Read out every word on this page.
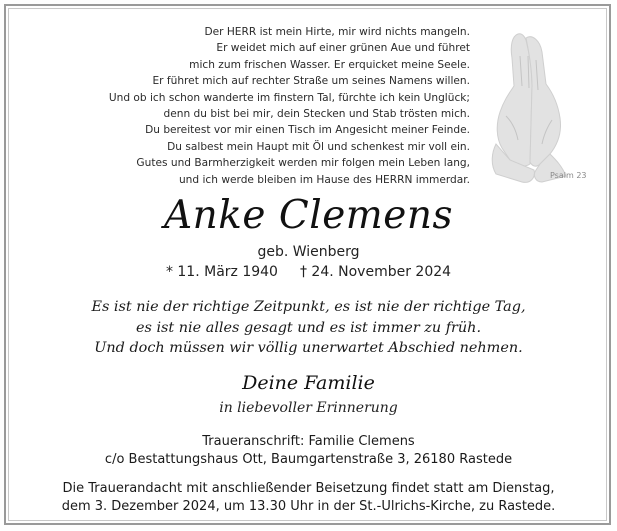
Der HERR ist mein Hirte, mir wird nichts mangeln.
Er weidet mich auf einer grünen Aue und führet
mich zum frischen Wasser. Er erquicket meine Seele.
Er führet mich auf rechter Straße um seines Namens willen.
Und ob ich schon wanderte im finstern Tal, fürchte ich kein Unglück;
denn du bist bei mir, dein Stecken und Stab trösten mich.
Du bereitest vor mir einen Tisch im Angesicht meiner Feinde.
Du salbest mein Haupt mit Öl und schenkest mir voll ein.
Gutes und Barmherzigkeit werden mir folgen mein Leben lang,
und ich werde bleiben im Hause des HERRN immerdar.	Psalm 23
Anke Clemens
geb. Wienberg
* 11. März 1940 † 24. November 2024
Es ist nie der richtige Zeitpunkt, es ist nie der richtige Tag,
es ist nie alles gesagt und es ist immer zu früh.
Und doch müssen wir völlig unerwartet Abschied nehmen.
Deine Familie
in liebevoller Erinnerung
Traueranschrift: Familie Clemens
c/o Bestattungshaus Ott, Baumgartenstraße 3, 26180 Rastede
Die Trauerandacht mit anschließender Beisetzung findet statt am Dienstag,
dem 3. Dezember 2024, um 13.30 Uhr in der St.-Ulrichs-Kirche, zu Rastede.
